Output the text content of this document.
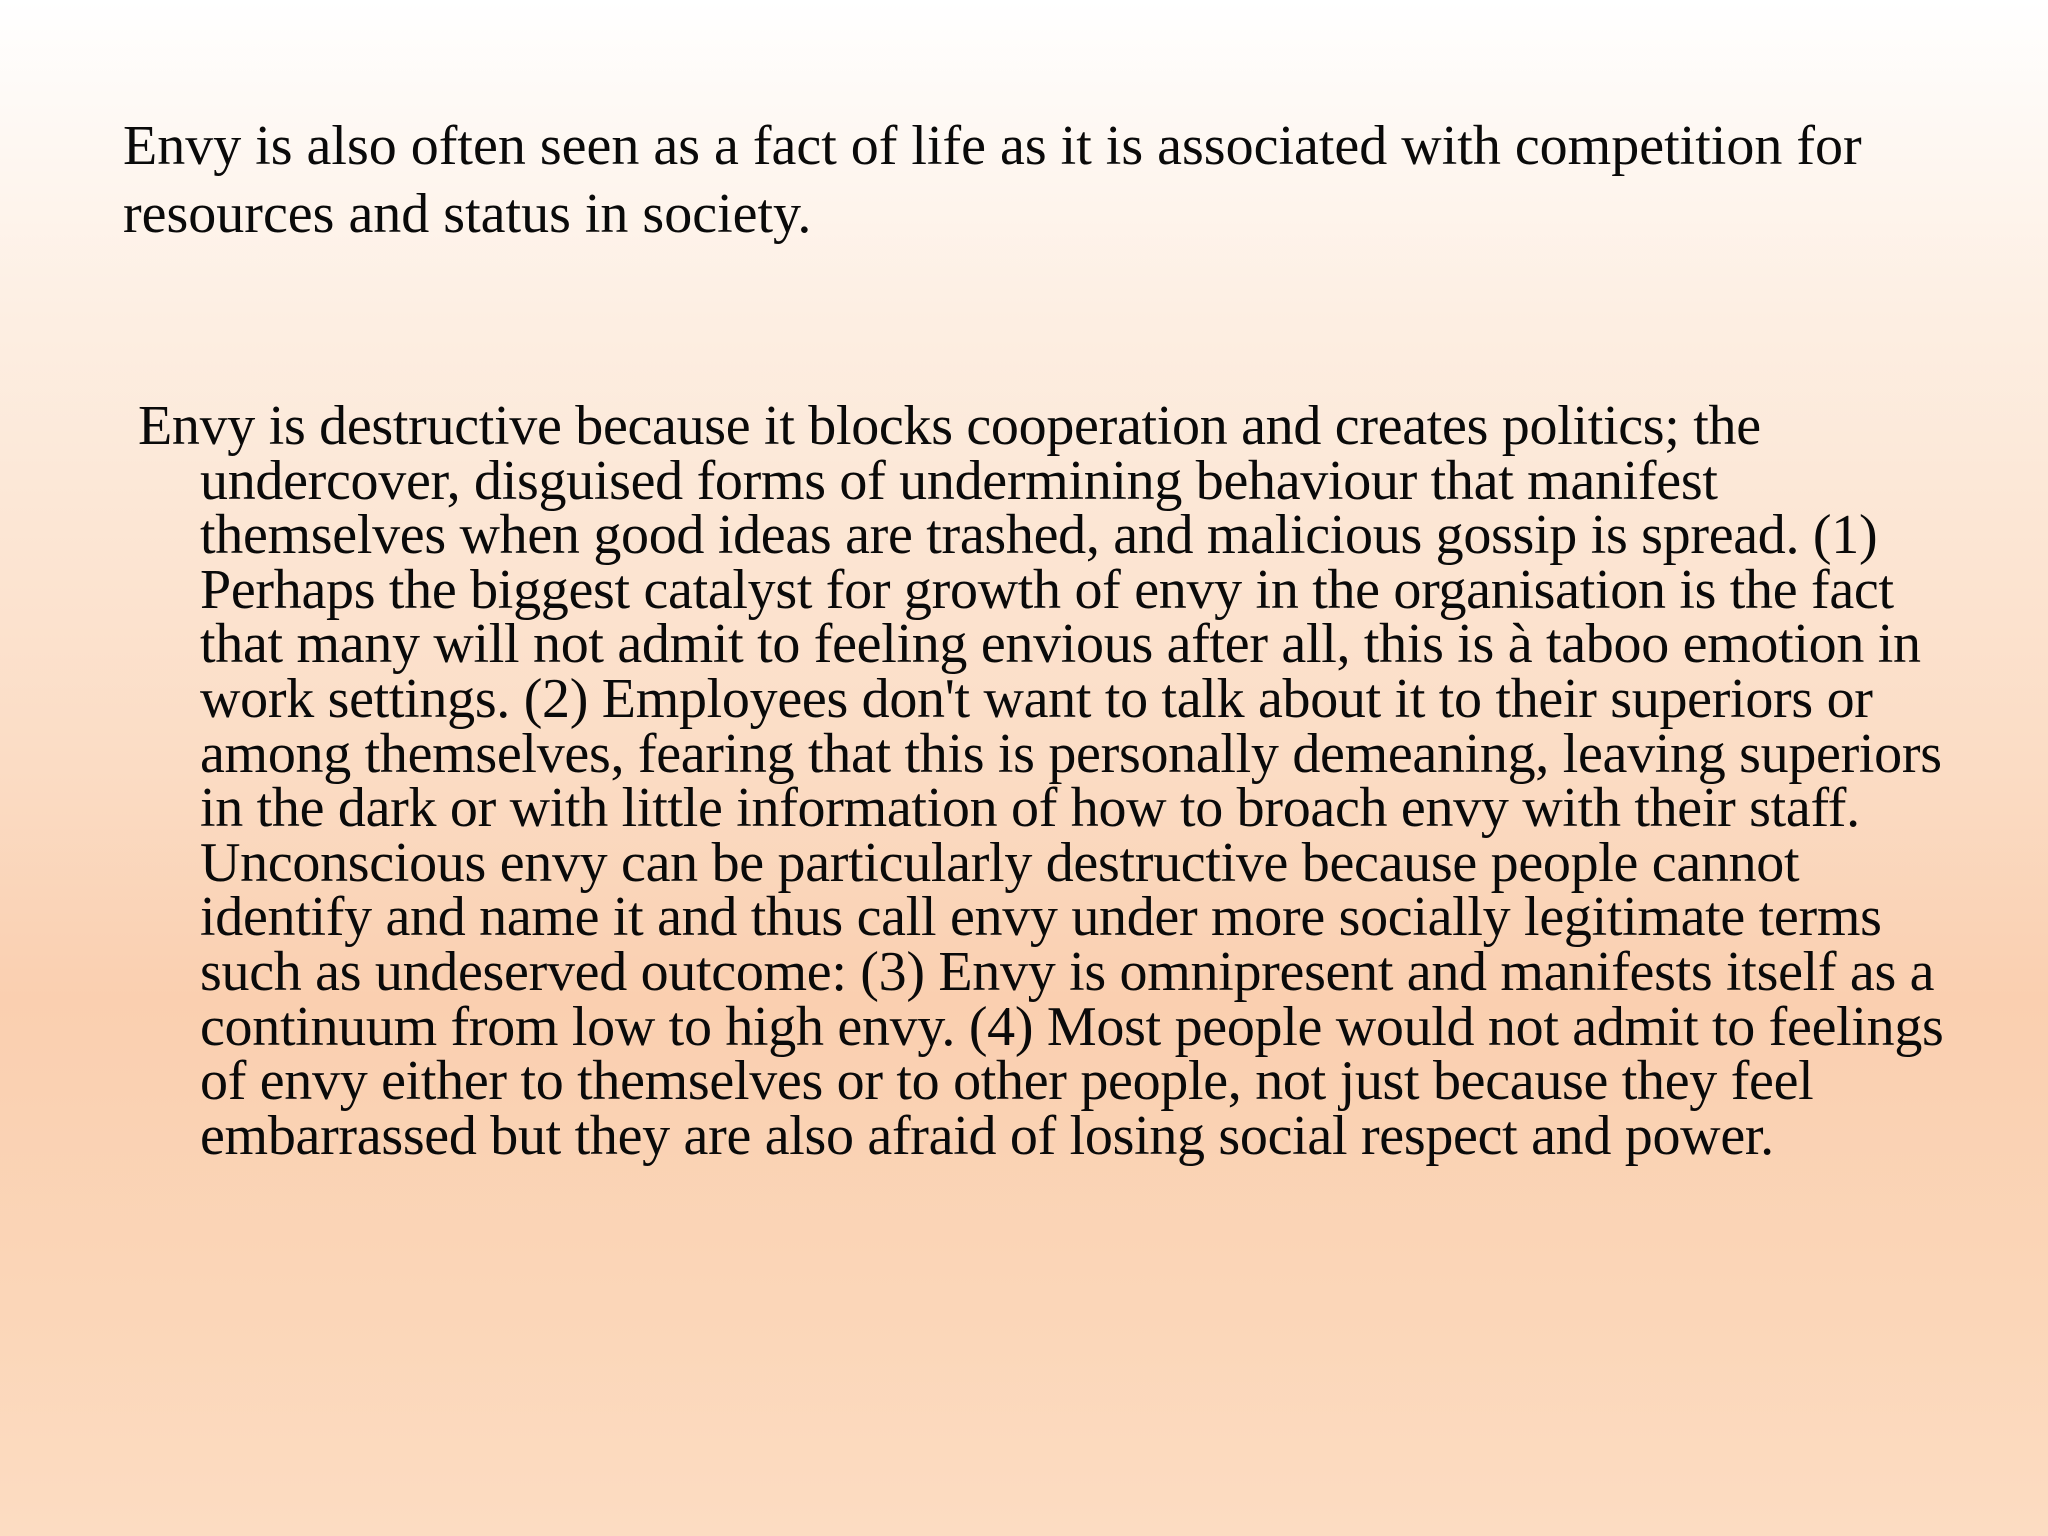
Envy is also often seen as a fact of life as it is associated with competition for resources and status in society.

Envy is destructive because it blocks cooperation and creates politics; the undercover, disguised forms of undermining behaviour that manifest themselves when good ideas are trashed, and malicious gossip is spread. (1) Perhaps the biggest catalyst for growth of envy in the organisation is the fact that many will not admit to feeling envious after all, this is à taboo emotion in work settings. (2) Employees don't want to talk about it to their superiors or among themselves, fearing that this is personally demeaning, leaving superiors in the dark or with little information of how to broach envy with their staff. Unconscious envy can be particularly destructive because people cannot identify and name it and thus call envy under more socially legitimate terms such as undeserved outcome: (3) Envy is omnipresent and manifests itself as a continuum from low to high envy. (4) Most people would not admit to feelings of envy either to themselves or to other people, not just because they feel embarrassed but they are also afraid of losing social respect and power.
